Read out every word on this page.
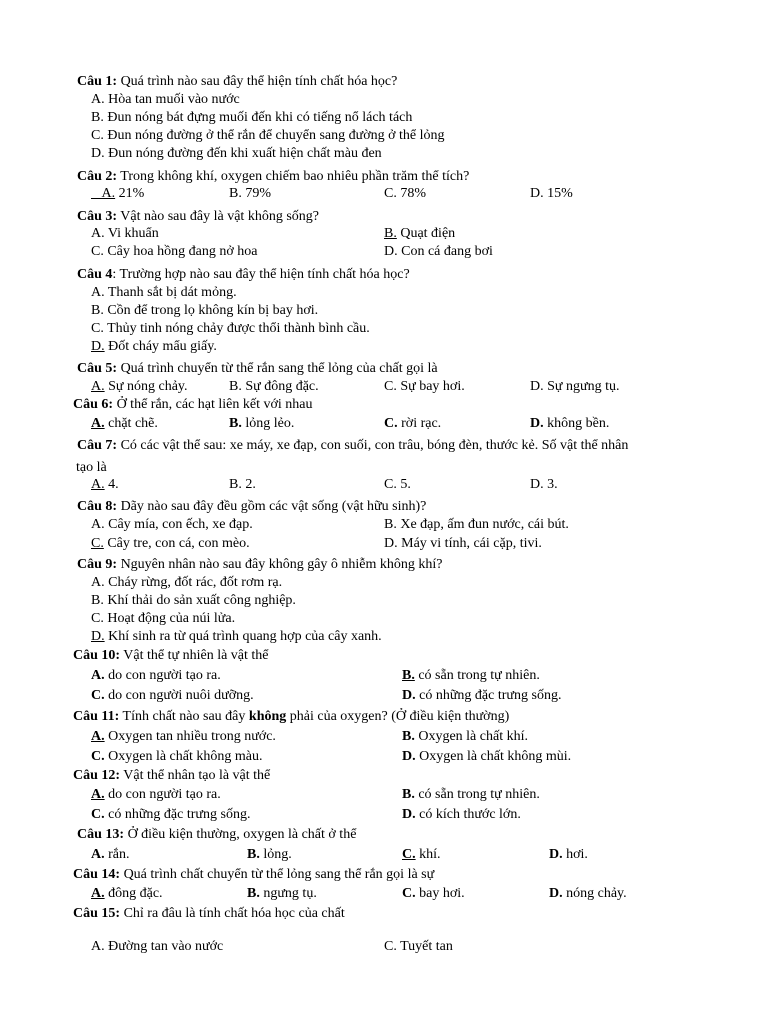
Câu 1: Quá trình nào sau đây thể hiện tính chất hóa học?
A. Hòa tan muối vào nước
B. Đun nóng bát đựng muối đến khi có tiếng nổ lách tách
C. Đun nóng đường ở thể rắn để chuyển sang đường ở thể lỏng
D. Đun nóng đường đến khi xuất hiện chất màu đen
Câu 2: Trong không khí, oxygen chiếm bao nhiêu phần trăm thể tích?
A. 21%	B. 79%	C. 78%	D. 15%
Câu 3: Vật nào sau đây là vật không sống?
A. Vi khuẩn	B. Quạt điện
C. Cây hoa hồng đang nở hoa	D. Con cá đang bơi
Câu 4: Trường hợp nào sau đây thể hiện tính chất hóa học?
A. Thanh sắt bị dát mỏng.
B. Cồn để trong lọ không kín bị bay hơi.
C. Thủy tinh nóng chảy được thổi thành bình cầu.
D. Đốt cháy mẩu giấy.
Câu 5: Quá trình chuyển từ thể rắn sang thể lỏng của chất gọi là
A. Sự nóng chảy.	B. Sự đông đặc.	C. Sự bay hơi.	D. Sự ngưng tụ.
Câu 6: Ở thể rắn, các hạt liên kết với nhau
A. chặt chẽ.	B. lỏng lẻo.	C. rời rạc.	D. không bền.
Câu 7: Có các vật thể sau: xe máy, xe đạp, con suối, con trâu, bóng đèn, thước kẻ. Số vật thể nhân
tạo là
A. 4.	B. 2.	C. 5.	D. 3.
Câu 8: Dãy nào sau đây đều gồm các vật sống (vật hữu sinh)?
A. Cây mía, con ếch, xe đạp.	B. Xe đạp, ấm đun nước, cái bút.
C. Cây tre, con cá, con mèo.	D. Máy vi tính, cái cặp, tivi.
Câu 9: Nguyên nhân nào sau đây không gây ô nhiễm không khí?
A. Cháy rừng, đốt rác, đốt rơm rạ.
B. Khí thải do sản xuất công nghiệp.
C. Hoạt động của núi lửa.
D. Khí sinh ra từ quá trình quang hợp của cây xanh.
Câu 10: Vật thể tự nhiên là vật thể
A. do con người tạo ra.	B. có sẵn trong tự nhiên.
C. do con người nuôi dưỡng.	D. có những đặc trưng sống.
Câu 11: Tính chất nào sau đây không phải của oxygen? (Ở điều kiện thường)
A. Oxygen tan nhiều trong nước.	B. Oxygen là chất khí.
C. Oxygen là chất không màu.	D. Oxygen là chất không mùi.
Câu 12: Vật thể nhân tạo là vật thể
A. do con người tạo ra.	B. có sẵn trong tự nhiên.
C. có những đặc trưng sống.	D. có kích thước lớn.
Câu 13: Ở điều kiện thường, oxygen là chất ở thể
A. rắn.	B. lỏng.	C. khí.	D. hơi.
Câu 14: Quá trình chất chuyển từ thể lỏng sang thể rắn gọi là sự
A. đông đặc.	B. ngưng tụ.	C. bay hơi.	D. nóng chảy.
Câu 15: Chỉ ra đâu là tính chất hóa học của chất
A. Đường tan vào nước	C. Tuyết tan
